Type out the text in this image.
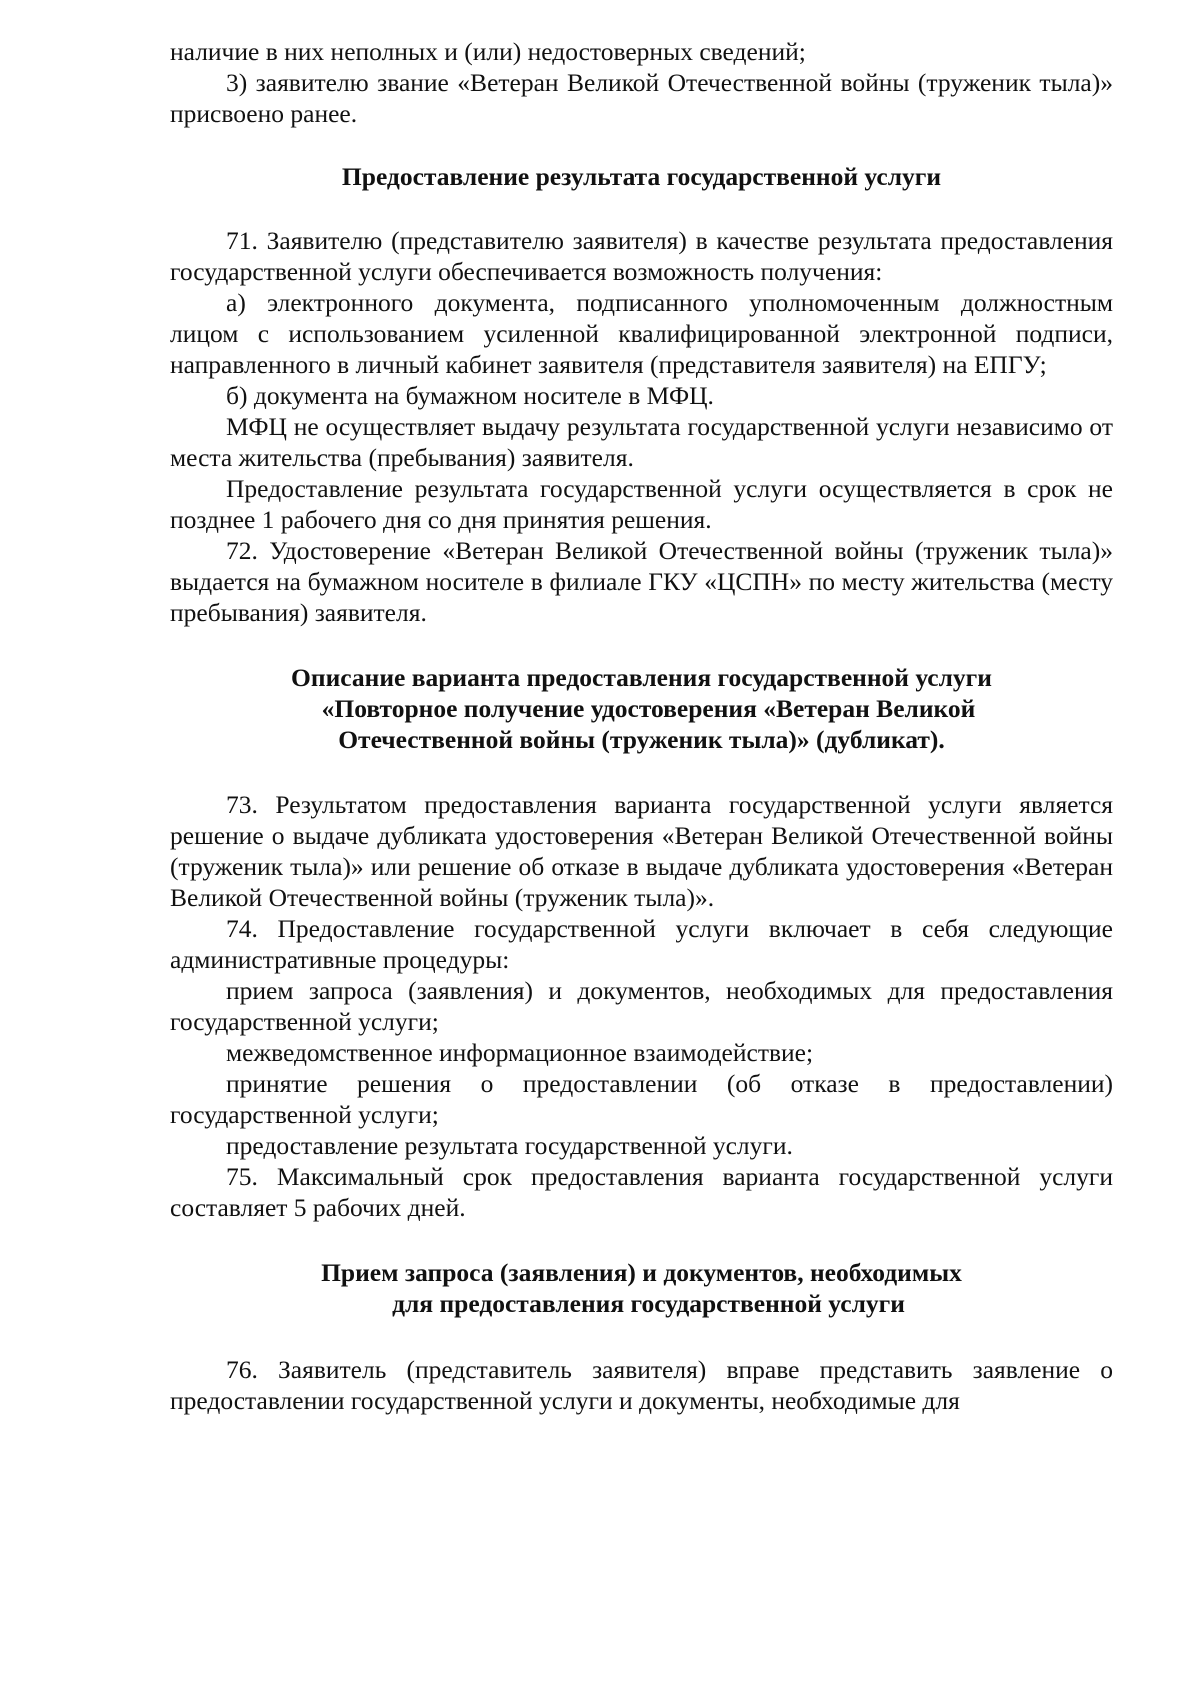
наличие в них неполных и (или) недостоверных сведений;

3) заявителю звание «Ветеран Великой Отечественной войны (труженик тыла)» присвоено ранее.

Предоставление результата государственной услуги

71. Заявителю (представителю заявителя) в качестве результата предоставления государственной услуги обеспечивается возможность получения:

а) электронного документа, подписанного уполномоченным должностным лицом с использованием усиленной квалифицированной электронной подписи, направленного в личный кабинет заявителя (представителя заявителя) на ЕПГУ;

б) документа на бумажном носителе в МФЦ.

МФЦ не осуществляет выдачу результата государственной услуги независимо от места жительства (пребывания) заявителя.

Предоставление результата государственной услуги осуществляется в срок не позднее 1 рабочего дня со дня принятия решения.

72. Удостоверение «Ветеран Великой Отечественной войны (труженик тыла)» выдается на бумажном носителе в филиале ГКУ «ЦСПН» по месту жительства (месту пребывания) заявителя.

Описание варианта предоставления государственной услуги
«Повторное получение удостоверения «Ветеран Великой
Отечественной войны (труженик тыла)» (дубликат).

73. Результатом предоставления варианта государственной услуги является решение о выдаче дубликата удостоверения «Ветеран Великой Отечественной войны (труженик тыла)» или решение об отказе в выдаче дубликата удостоверения «Ветеран Великой Отечественной войны (труженик тыла)».

74. Предоставление государственной услуги включает в себя следующие административные процедуры:

прием запроса (заявления) и документов, необходимых для предоставления государственной услуги;

межведомственное информационное взаимодействие;

принятие решения о предоставлении (об отказе в предоставлении) государственной услуги;

предоставление результата государственной услуги.

75. Максимальный срок предоставления варианта государственной услуги составляет 5 рабочих дней.

Прием запроса (заявления) и документов, необходимых
для предоставления государственной услуги

76. Заявитель (представитель заявителя) вправе представить заявление о предоставлении государственной услуги и документы, необходимые для
